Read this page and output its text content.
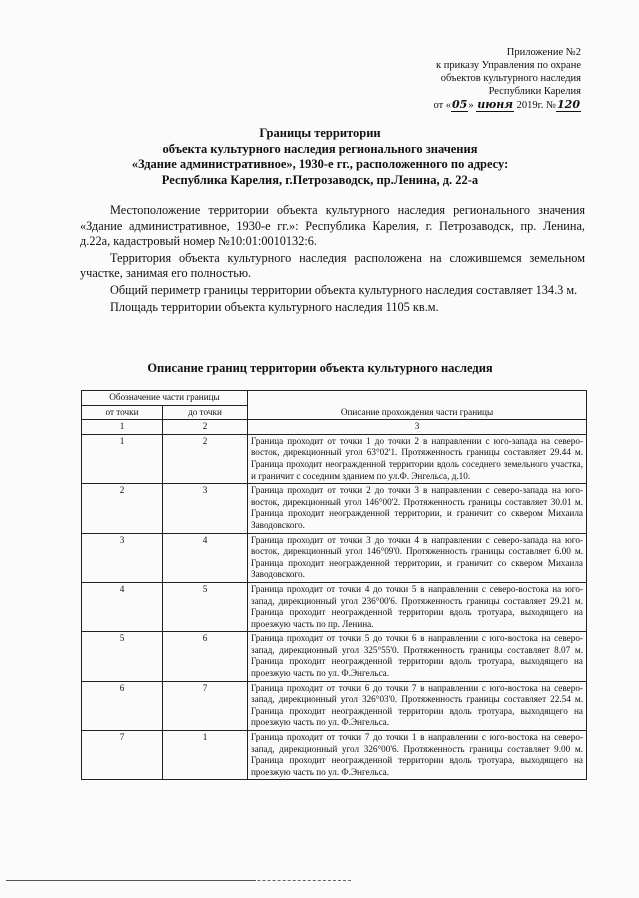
Приложение №2
к приказу Управления по охране
объектов культурного наследия
Республики Карелия
от «05» июня 2019г. №120
Границы территории
объекта культурного наследия регионального значения
«Здание административное», 1930-е гг., расположенного по адресу:
Республика Карелия, г.Петрозаводск, пр.Ленина, д. 22-а

Местоположение территории объекта культурного наследия регионального значения «Здание административное, 1930-е гг.»: Республика Карелия, г. Петрозаводск, пр. Ленина, д.22а, кадастровый номер №10:01:0010132:6.

Территория объекта культурного наследия расположена на сложившемся земельном участке, занимая его полностью.

Общий периметр границы территории объекта культурного наследия составляет 134.3 м.

Площадь территории объекта культурного наследия 1105 кв.м.

Описание границ территории объекта культурного наследия
Обозначение части границы		Описание прохождения части границы
от точки	до точки	
1	2	3
1	2	Граница проходит от точки 1 до точки 2 в направлении с юго-запада на северо-восток, дирекционный угол 63°02'1. Протяженность границы составляет 29.44 м. Граница проходит неогражденной территории вдоль соседнего земельного участка, и граничит с соседним зданием по ул.Ф. Энгельса, д.10.
2	3	Граница проходит от точки 2 до точки 3 в направлении с северо-запада на юго-восток, дирекционный угол 146°00'2. Протяженность границы составляет 30.01 м. Граница проходит неогражденной территории, и граничит со сквером Михаила Заводовского.
3	4	Граница проходит от точки 3 до точки 4 в направлении с северо-запада на юго-восток, дирекционный угол 146°09'0. Протяженность границы составляет 6.00 м. Граница проходит неогражденной территории, и граничит со сквером Михаила Заводовского.
4	5	Граница проходит от точки 4 до точки 5 в направлении с северо-востока на юго-запад, дирекционный угол 236°00'6. Протяженность границы составляет 29.21 м. Граница проходит неогражденной территории вдоль тротуара, выходящего на проезжую часть по пр. Ленина.
5	6	Граница проходит от точки 5 до точки 6 в направлении с юго-востока на северо-запад, дирекционный угол 325°55'0. Протяженность границы составляет 8.07 м. Граница проходит неогражденной территории вдоль тротуара, выходящего на проезжую часть по ул. Ф.Энгельса.
6	7	Граница проходит от точки 6 до точки 7 в направлении с юго-востока на северо-запад, дирекционный угол 326°03'0. Протяженность границы составляет 22.54 м. Граница проходит неогражденной территории вдоль тротуара, выходящего на проезжую часть по ул. Ф.Энгельса.
7	1	Граница проходит от точки 7 до точки 1 в направлении с юго-востока на северо-запад, дирекционный угол 326°00'6. Протяженность границы составляет 9.00 м. Граница проходит неогражденной территории вдоль тротуара, выходящего на проезжую часть по ул. Ф.Энгельса.
